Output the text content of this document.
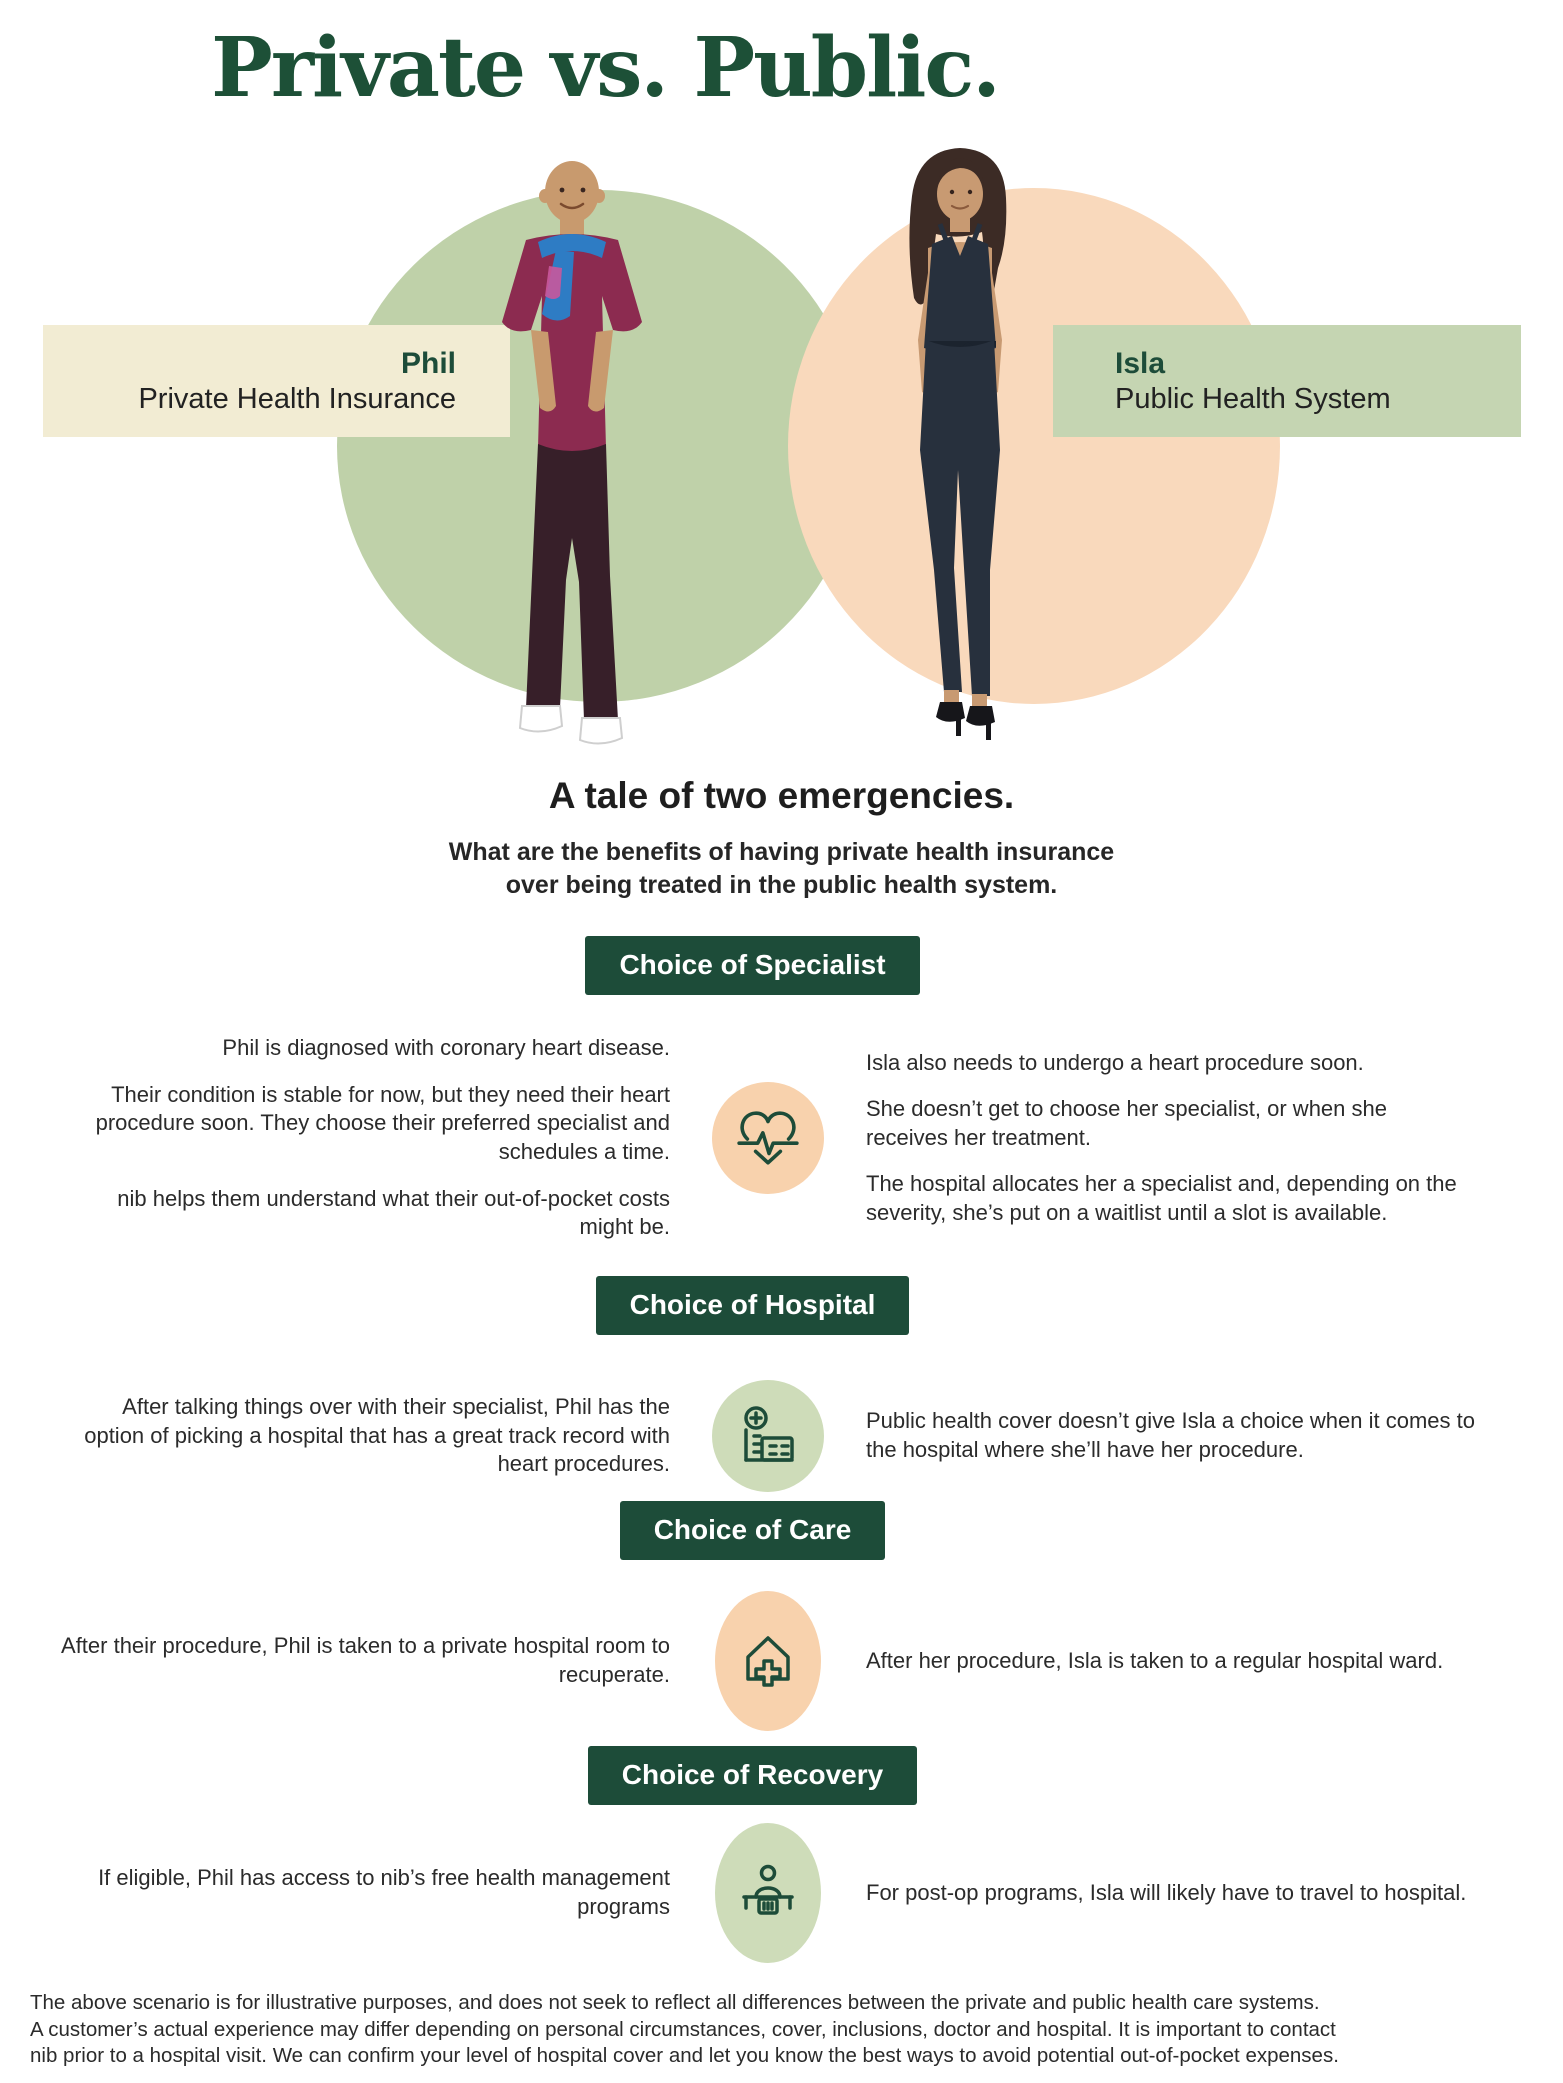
Private vs. Public.
Phil
Private Health Insurance
Isla
Public Health System
A tale of two emergencies.
What are the benefits of having private health insurance
over being treated in the public health system.
Choice of Specialist

Phil is diagnosed with coronary heart disease.

Their condition is stable for now, but they need their heart procedure soon. They choose their preferred specialist and schedules a time.

nib helps them understand what their out-of-pocket costs might be.

Isla also needs to undergo a heart procedure soon.

She doesn’t get to choose her specialist, or when she receives her treatment.

The hospital allocates her a specialist and, depending on the severity, she’s put on a waitlist until a slot is available.

Choice of Hospital

After talking things over with their specialist, Phil has the option of picking a hospital that has a great track record with heart procedures.

Public health cover doesn’t give Isla a choice when it comes to the hospital where she’ll have her procedure.

Choice of Care

After their procedure, Phil is taken to a private hospital room to recuperate.

After her procedure, Isla is taken to a regular hospital ward.

Choice of Recovery

If eligible, Phil has access to nib’s free health management programs

For post-op programs, Isla will likely have to travel to hospital.

The above scenario is for illustrative purposes, and does not seek to reflect all differences between the private and public health care systems.
A customer’s actual experience may differ depending on personal circumstances, cover, inclusions, doctor and hospital. It is important to contact
nib prior to a hospital visit. We can confirm your level of hospital cover and let you know the best ways to avoid potential out-of-pocket expenses.
